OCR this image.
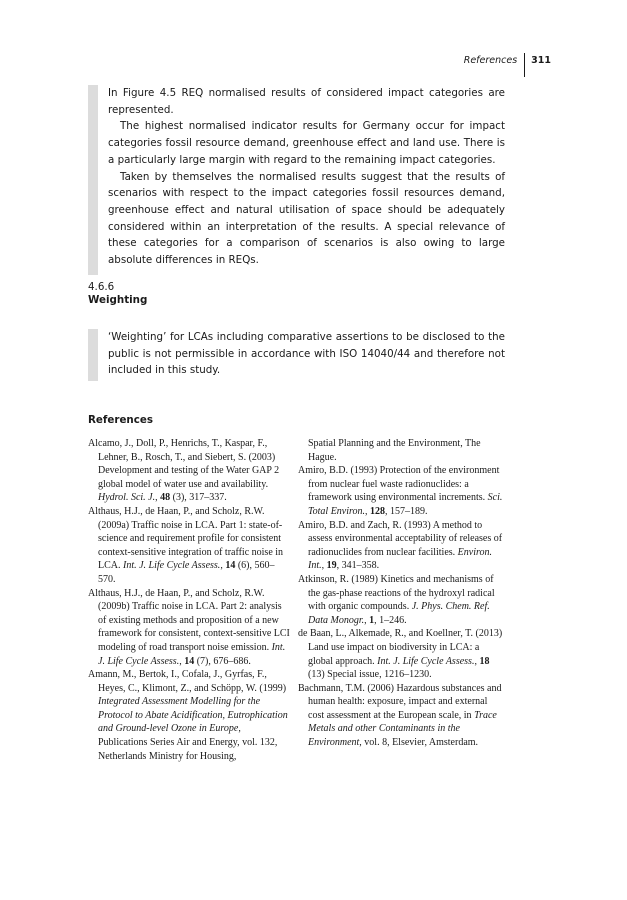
References	311

In Figure 4.5 REQ normalised results of considered impact categories are represented.

The highest normalised indicator results for Germany occur for impact categories fossil resource demand, greenhouse effect and land use. There is a particularly large margin with regard to the remaining impact categories.

Taken by themselves the normalised results suggest that the results of scenarios with respect to the impact categories fossil resources demand, greenhouse effect and natural utilisation of space should be adequately considered within an interpretation of the results. A special relevance of these categories for a comparison of scenarios is also owing to large absolute differences in REQs.

4.6.6
Weighting

‘Weighting’ for LCAs including comparative assertions to be disclosed to the public is not permissible in accordance with ISO 14040/44 and therefore not included in this study.

References

Alcamo, J., Doll, P., Henrichs, T., Kaspar, F., Lehner, B., Rosch, T., and Siebert, S. (2003) Development and testing of the Water GAP 2 global model of water use and availability. Hydrol. Sci. J., 48 (3), 317–337.

Althaus, H.J., de Haan, P., and Scholz, R.W. (2009a) Traffic noise in LCA. Part 1: state-of-science and requirement profile for consistent context-sensitive integration of traffic noise in LCA. Int. J. Life Cycle Assess., 14 (6), 560–570.

Althaus, H.J., de Haan, P., and Scholz, R.W. (2009b) Traffic noise in LCA. Part 2: analysis of existing methods and proposition of a new framework for consistent, context-sensitive LCI modeling of road transport noise emission. Int. J. Life Cycle Assess., 14 (7), 676–686.

Amann, M., Bertok, I., Cofala, J., Gyrfas, F., Heyes, C., Klimont, Z., and Schöpp, W. (1999) Integrated Assessment Modelling for the Protocol to Abate Acidification, Eutrophication and Ground-level Ozone in Europe, Publications Series Air and Energy, vol. 132, Netherlands Ministry for Housing,

Spatial Planning and the Environment, The Hague.

Amiro, B.D. (1993) Protection of the environment from nuclear fuel waste radionuclides: a framework using environmental increments. Sci. Total Environ., 128, 157–189.

Amiro, B.D. and Zach, R. (1993) A method to assess environmental acceptability of releases of radionuclides from nuclear facilities. Environ. Int., 19, 341–358.

Atkinson, R. (1989) Kinetics and mechanisms of the gas-phase reactions of the hydroxyl radical with organic compounds. J. Phys. Chem. Ref. Data Monogr., 1, 1–246.

de Baan, L., Alkemade, R., and Koellner, T. (2013) Land use impact on biodiversity in LCA: a global approach. Int. J. Life Cycle Assess., 18 (13) Special issue, 1216–1230.

Bachmann, T.M. (2006) Hazardous substances and human health: exposure, impact and external cost assessment at the European scale, in Trace Metals and other Contaminants in the Environment, vol. 8, Elsevier, Amsterdam.
